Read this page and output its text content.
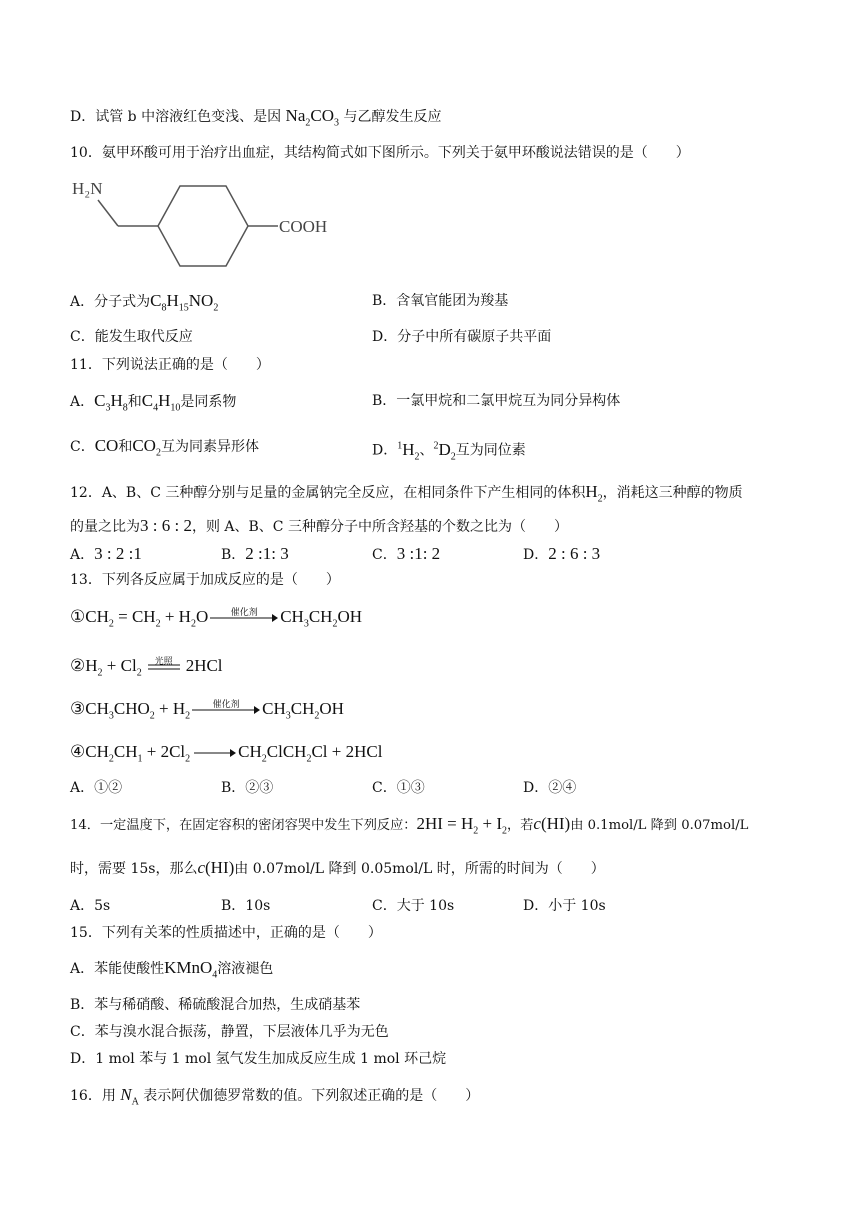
D．试管 b 中溶液红色变浅、是因 $Na_2CO_3$ 与乙醇发生反应
10．氨甲环酸可用于治疗出血症，其结构简式如下图所示。下列关于氨甲环酸说法错误的是（　　）
H₂N
COOH
A．分子式为$C_8H_{15}NO_2$	B．含氧官能团为羧基
C．能发生取代反应	D．分子中所有碳原子共平面
11．下列说法正确的是（　　）
A．$C_3H_8$和$C_4H_{10}$是同系物	B．一氯甲烷和二氯甲烷互为同分异构体
C．CO和$CO_2$互为同素异形体	D．$^1H_2$、$^2D_2$互为同位素
12．A、B、C 三种醇分别与足量的金属钠完全反应，在相同条件下产生相同的体积$H_2$，消耗这三种醇的物质
的量之比为3 : 6 : 2，则 A、B、C 三种醇分子中所含羟基的个数之比为（　　）
A．3 : 2 :1	B．2 :1: 3	C．3 :1: 2	D．2 : 6 : 3
13．下列各反应属于加成反应的是（　　）
$①CH_2 = CH_2 + H_2O$	催化剂	$CH_3CH_2OH$
$②H_2 + Cl_2$
光照 2HCl
$③CH_3CHO_2 + H_2$
催化剂	$CH_3CH_2OH$
$④CH_2CH_1 + 2Cl_2$	$CH_2ClCH_2Cl + 2HCl$
A．①②	B．②③	C．①③	D．②④
14．一定温度下，在固定容积的密闭容哭中发生下列反应：$2HI = H_2 + I_2$，若c(HI)由 0.1mol/L 降到 0.07mol/L
时，需要 15s，那么c(HI)由 0.07mol/L 降到 0.05mol/L 时，所需的时间为（　　）
A．5s	B．10s	C．大于 10s	D．小于 10s
15．下列有关苯的性质描述中，正确的是（　　）
A．苯能使酸性KMnO$_4$溶液褪色
B．苯与稀硝酸、稀硫酸混合加热，生成硝基苯
C．苯与溴水混合振荡，静置，下层液体几乎为无色
D．1 mol 苯与 1 mol 氢气发生加成反应生成 1 mol 环己烷
16．用 $N_A$ 表示阿伏伽德罗常数的值。下列叙述正确的是（　　）
